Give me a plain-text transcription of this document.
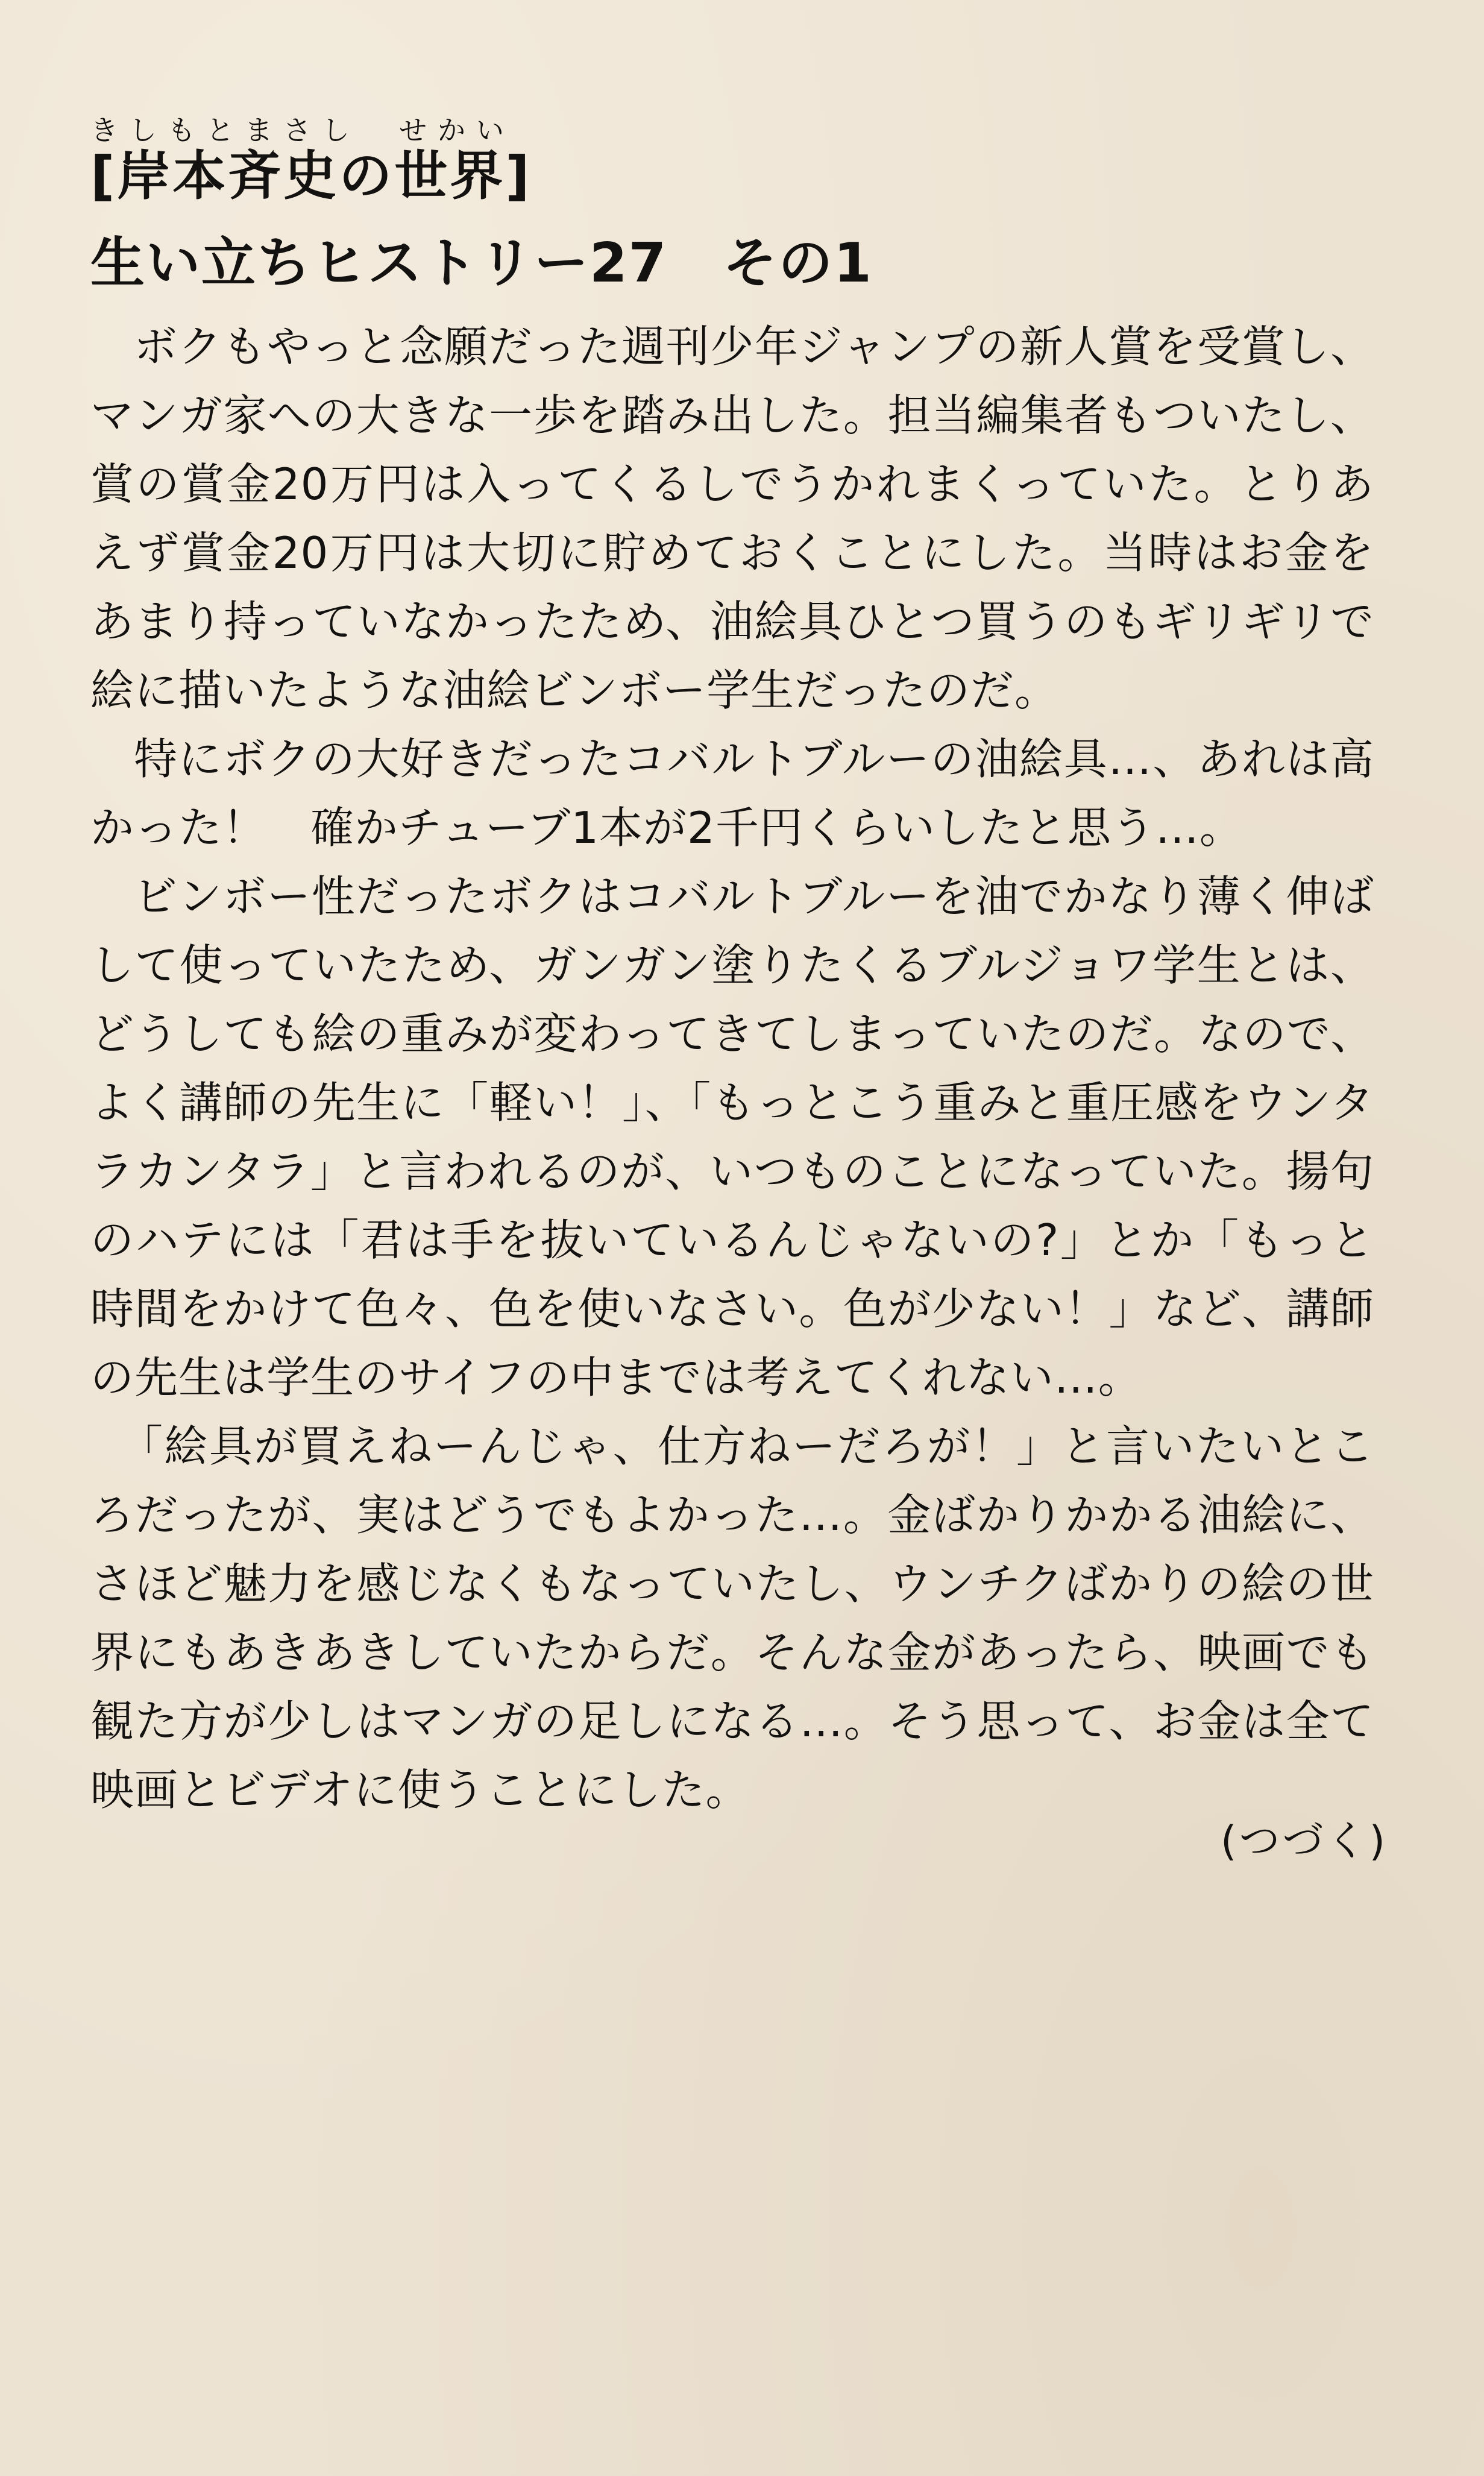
きしもとまさし　せかい
[岸本斉史の世界]
生い立ちヒストリー27　その1

ボクもやっと念願だった週刊少年ジャンプの新人賞を受賞し、マンガ家への大きな一歩を踏み出した。担当編集者もついたし、賞の賞金20万円は入ってくるしでうかれまくっていた。とりあえず賞金20万円は大切に貯めておくことにした。当時はお金をあまり持っていなかったため、油絵具ひとつ買うのもギリギリで絵に描いたような油絵ビンボー学生だったのだ。

特にボクの大好きだったコバルトブルーの油絵具…、あれは高かった！　確かチューブ1本が2千円くらいしたと思う…。

ビンボー性だったボクはコバルトブルーを油でかなり薄く伸ばして使っていたため、ガンガン塗りたくるブルジョワ学生とは、どうしても絵の重みが変わってきてしまっていたのだ。なので、よく講師の先生に「軽い！」、「もっとこう重みと重圧感をウンタラカンタラ」と言われるのが、いつものことになっていた。揚句のハテには「君は手を抜いているんじゃないの?」とか「もっと時間をかけて色々、色を使いなさい。色が少ない！」など、講師の先生は学生のサイフの中までは考えてくれない…。

「絵具が買えねーんじゃ、仕方ねーだろが！」と言いたいところだったが、実はどうでもよかった…。金ばかりかかる油絵に、さほど魅力を感じなくもなっていたし、ウンチクばかりの絵の世界にもあきあきしていたからだ。そんな金があったら、映画でも観た方が少しはマンガの足しになる…。そう思って、お金は全て映画とビデオに使うことにした。

(つづく)
